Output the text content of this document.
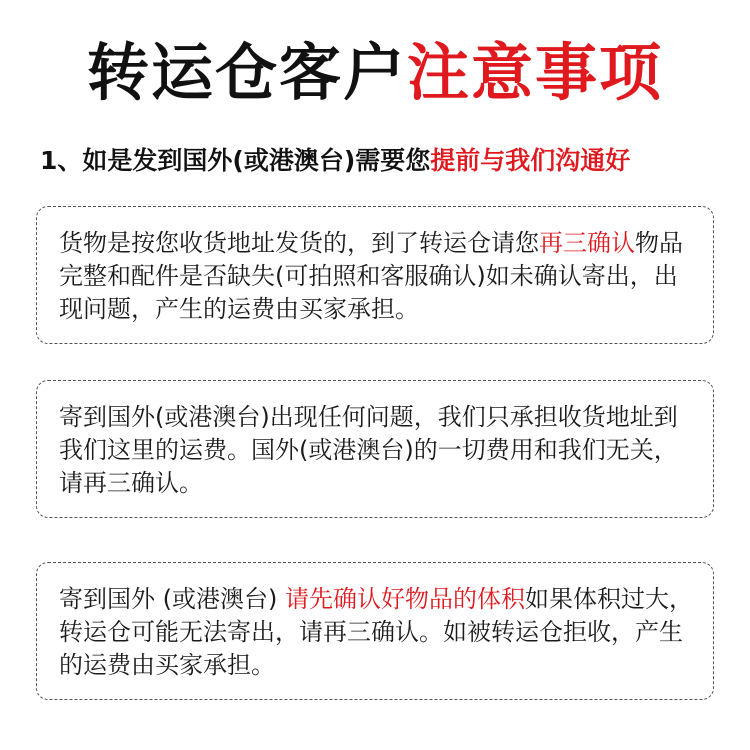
转运仓客户注意事项
1、如是发到国外(或港澳台)需要您提前与我们沟通好

货物是按您收货地址发货的，到了转运仓请您再三确认物品完整和配件是否缺失(可拍照和客服确认)如未确认寄出，出现问题，产生的运费由买家承担。

寄到国外(或港澳台)出现任何问题，我们只承担收货地址到我们这里的运费。国外(或港澳台)的一切费用和我们无关，请再三确认。

寄到国外 (或港澳台) 请先确认好物品的体积如果体积过大，转运仓可能无法寄出，请再三确认。如被转运仓拒收，产生的运费由买家承担。
